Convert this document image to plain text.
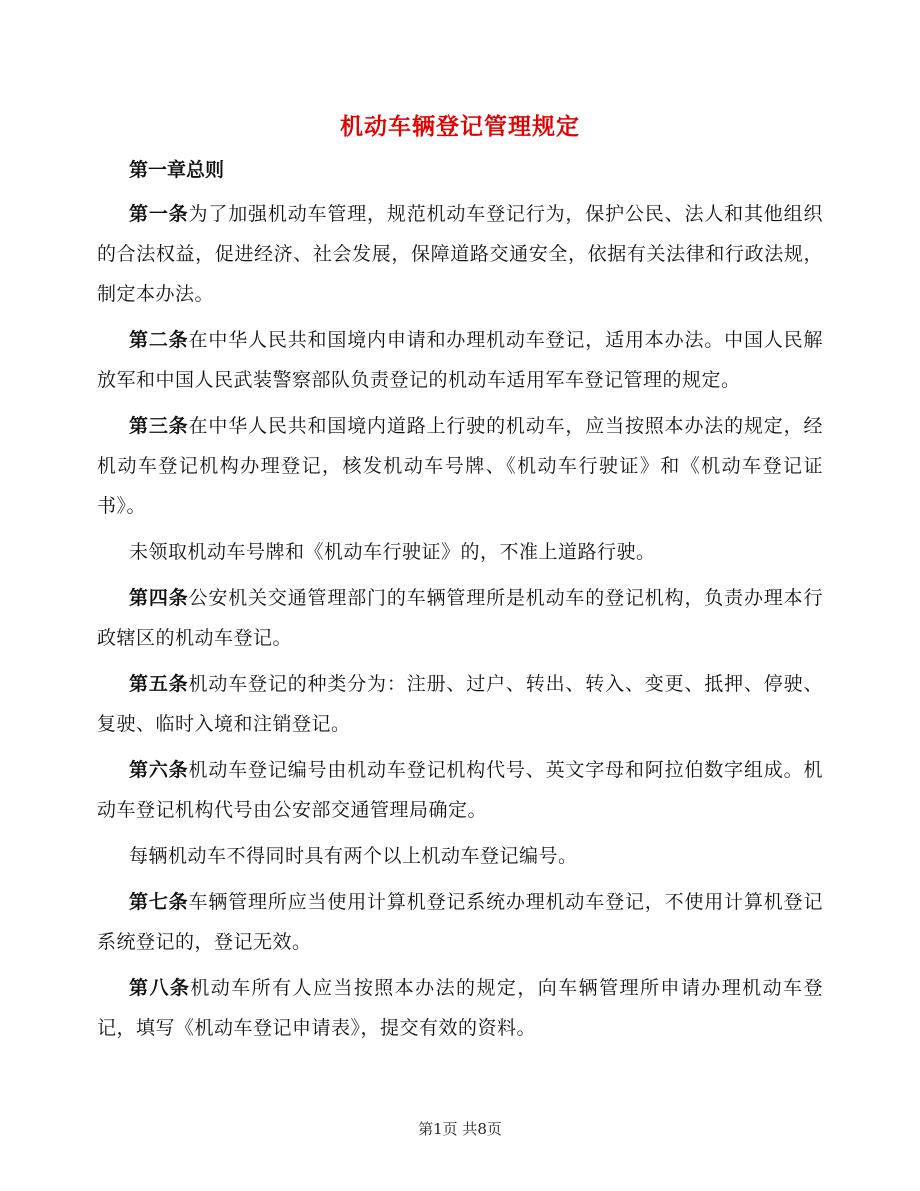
机动车辆登记管理规定
第一章总则

第一条为了加强机动车管理，规范机动车登记行为，保护公民、法人和其他组织的合法权益，促进经济、社会发展，保障道路交通安全，依据有关法律和行政法规，制定本办法。

第二条在中华人民共和国境内申请和办理机动车登记，适用本办法。中国人民解放军和中国人民武装警察部队负责登记的机动车适用军车登记管理的规定。

第三条在中华人民共和国境内道路上行驶的机动车，应当按照本办法的规定，经机动车登记机构办理登记，核发机动车号牌、《机动车行驶证》和《机动车登记证书》。

未领取机动车号牌和《机动车行驶证》的，不准上道路行驶。

第四条公安机关交通管理部门的车辆管理所是机动车的登记机构，负责办理本行政辖区的机动车登记。

第五条机动车登记的种类分为：注册、过户、转出、转入、变更、抵押、停驶、复驶、临时入境和注销登记。

第六条机动车登记编号由机动车登记机构代号、英文字母和阿拉伯数字组成。机动车登记机构代号由公安部交通管理局确定。

每辆机动车不得同时具有两个以上机动车登记编号。

第七条车辆管理所应当使用计算机登记系统办理机动车登记，不使用计算机登记系统登记的，登记无效。

第八条机动车所有人应当按照本办法的规定，向车辆管理所申请办理机动车登记，填写《机动车登记申请表》，提交有效的资料。

第1页 共8页
